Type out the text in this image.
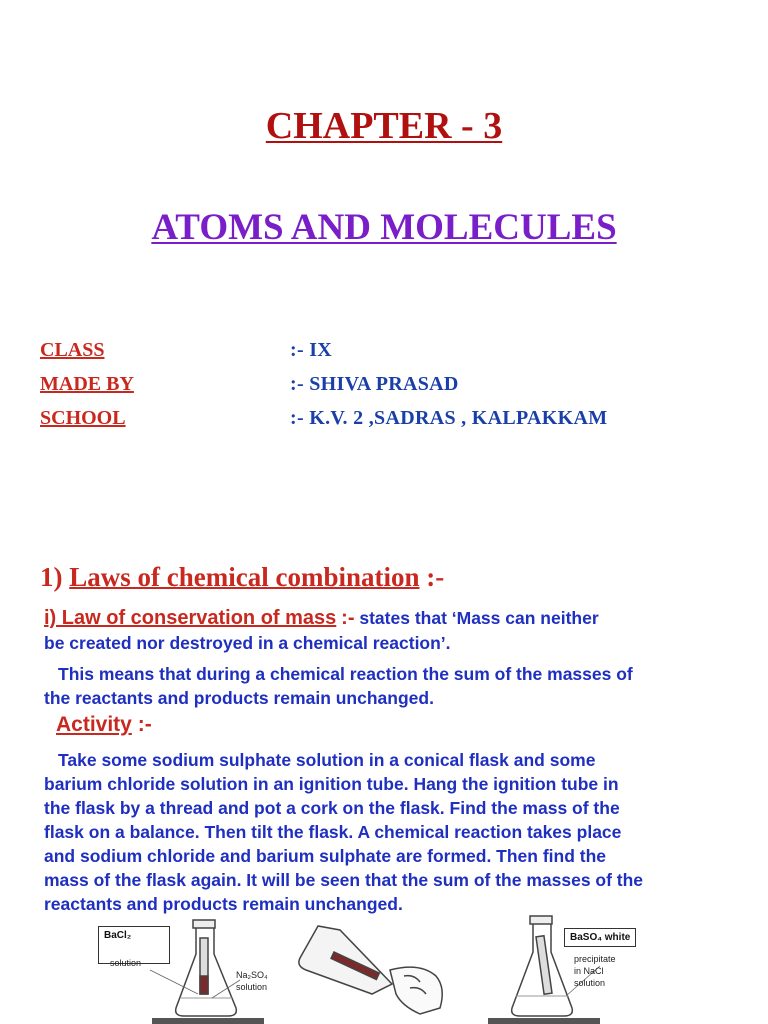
CHAPTER - 3
ATOMS AND MOLECULES
CLASS	:- IX
MADE BY	:- SHIVA PRASAD
SCHOOL	:- K.V. 2 ,SADRAS , KALPAKKAM
1) Laws of chemical combination :-
i) Law of conservation of mass :- states that ‘Mass can neither
be created nor destroyed in a chemical reaction’.
This means that during a chemical reaction the sum of the masses of
the reactants and products remain unchanged.
Activity :-
Take some sodium sulphate solution in a conical flask and some
barium chloride solution in an ignition tube. Hang the ignition tube in
the flask by a thread and pot a cork on the flask. Find the mass of the
flask on a balance. Then tilt the flask. A chemical reaction takes place
and sodium chloride and barium sulphate are formed. Then find the
mass of the flask again. It will be seen that the sum of the masses of the
reactants and products remain unchanged.
BaCl₂
solution
Na₂SO₄
solution
BaSO₄ white
precipitate
in NaCl
solution
